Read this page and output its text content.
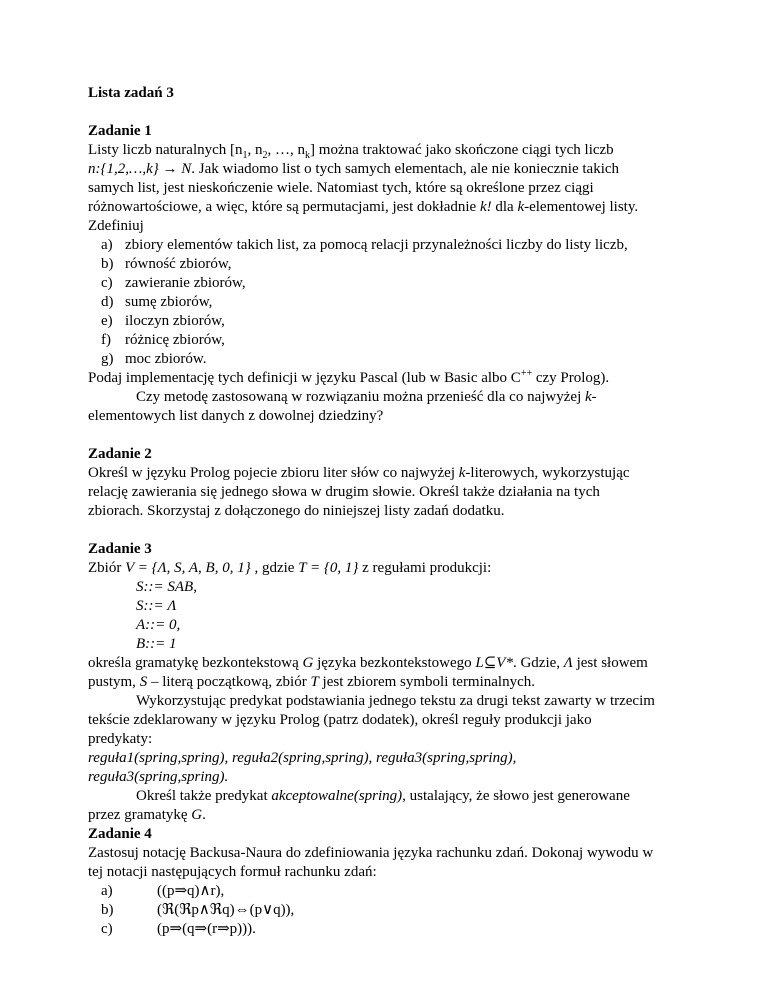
Lista zadań 3
Zadanie 1
Listy liczb naturalnych [$n_1$, $n_2$, …, $n_k$] można traktować jako skończone ciągi tych liczb
n:{1,2,…,k} → N. Jak wiadomo list o tych samych elementach, ale nie koniecznie takich
samych list, jest nieskończenie wiele. Natomiast tych, które są określone przez ciągi
różnowartościowe, a więc, które są permutacjami, jest dokładnie k! dla k-elementowej listy.
Zdefiniuj
a) zbiory elementów takich list, za pomocą relacji przynależności liczby do listy liczb,
b) równość zbiorów,
c) zawieranie zbiorów,
d) sumę zbiorów,
e) iloczyn zbiorów,
f) różnicę zbiorów,
g) moc zbiorów.
Podaj implementację tych definicji w języku Pascal (lub w Basic albo C++ czy Prolog).
Czy metodę zastosowaną w rozwiązaniu można przenieść dla co najwyżej k-
elementowych list danych z dowolnej dziedziny?
Zadanie 2
Określ w języku Prolog pojecie zbioru liter słów co najwyżej k-literowych, wykorzystując
relację zawierania się jednego słowa w drugim słowie. Określ także działania na tych
zbiorach. Skorzystaj z dołączonego do niniejszej listy zadań dodatku.
Zadanie 3
Zbiór V = {Λ, S, A, B, 0, 1} , gdzie T = {0, 1} z regułami produkcji:
S::= SAB,
S::= Λ
A::= 0,
B::= 1
określa gramatykę bezkontekstową G języka bezkontekstowego L⊆V*. Gdzie, Λ jest słowem
pustym, S – literą początkową, zbiór T jest zbiorem symboli terminalnych.
Wykorzystując predykat podstawiania jednego tekstu za drugi tekst zawarty w trzecim
tekście zdeklarowany w języku Prolog (patrz dodatek), określ reguły produkcji jako
predykaty:
reguła1(spring,spring), reguła2(spring,spring), reguła3(spring,spring),
reguła3(spring,spring).
Określ także predykat akceptowalne(spring), ustalający, że słowo jest generowane
przez gramatykę G.
Zadanie 4
Zastosuj notację Backusa-Naura do zdefiniowania języka rachunku zdań. Dokonaj wywodu w
tej notacji następujących formuł rachunku zdań:
a)	((p⇒q)∧r),
b)	(ℜ(ℜp∧ℜq)⇔(p∨q)),
c)	(p⇒(q⇒(r⇒p))).
